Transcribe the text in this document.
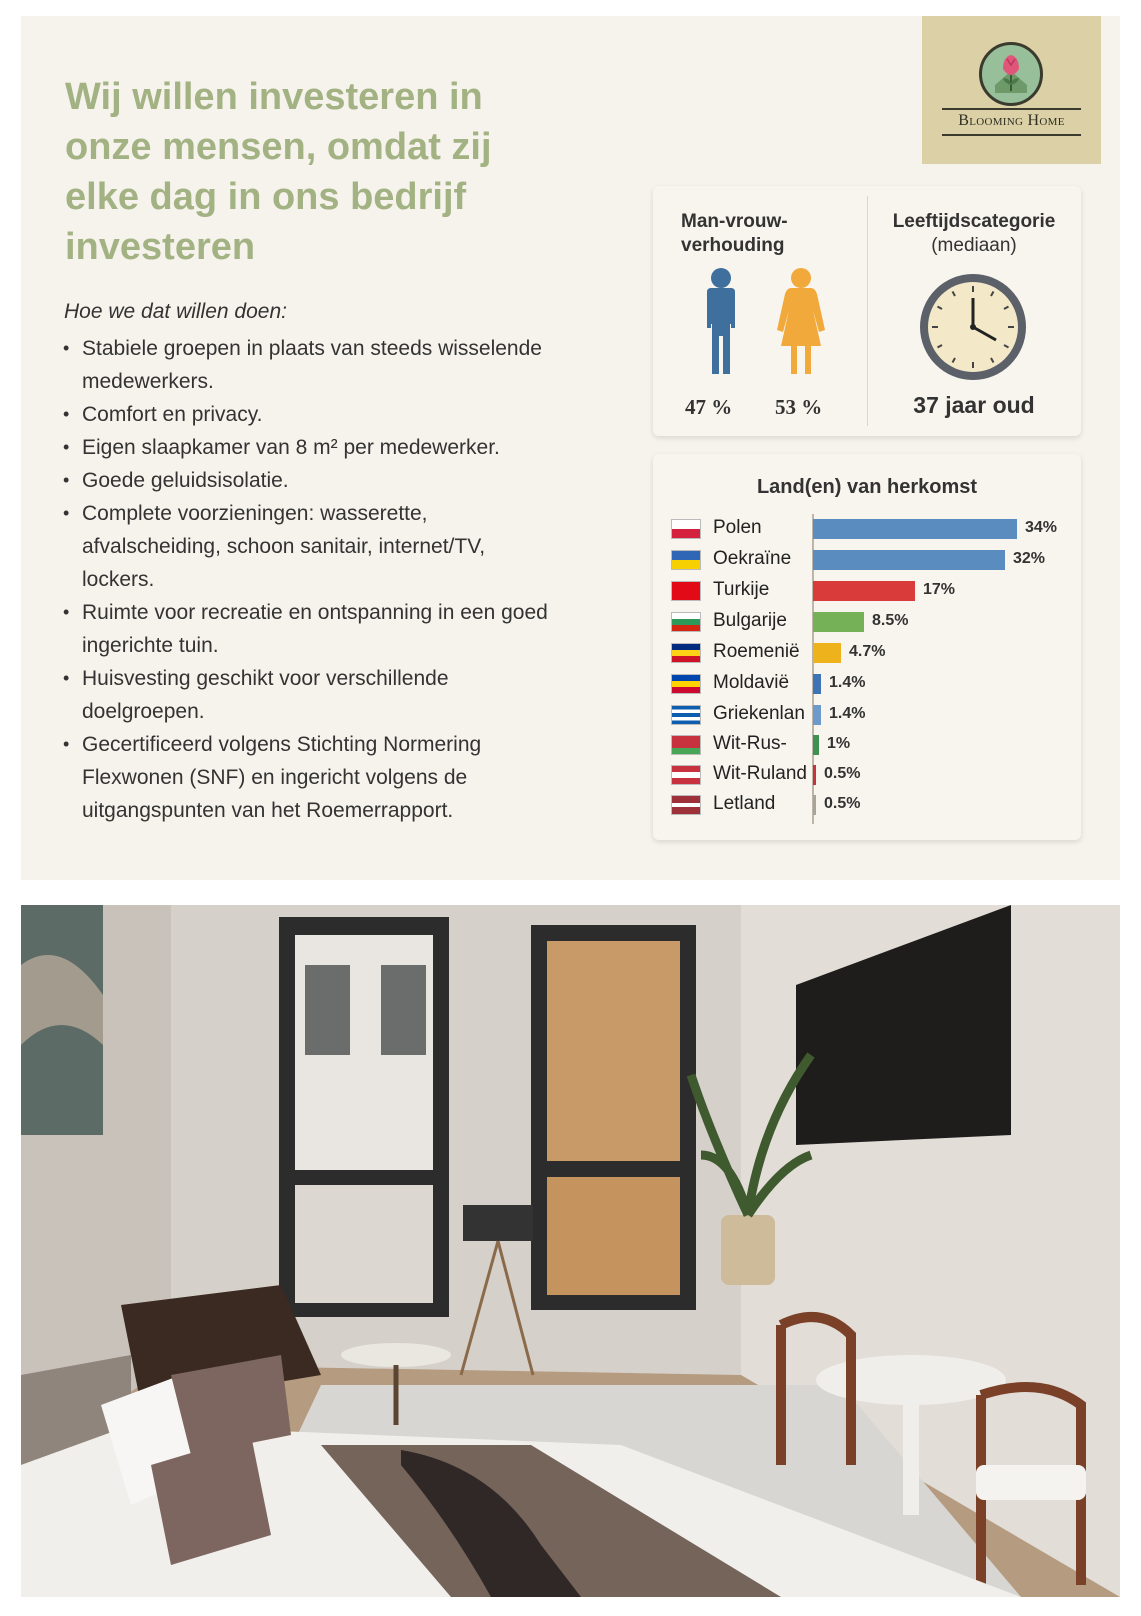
Blooming Home
Wij willen investeren in onze mensen, omdat zij elke dag in ons bedrijf investeren
Hoe we dat willen doen:
• Stabiele groepen in plaats van steeds wisselende medewerkers.
• Comfort en privacy.
• Eigen slaapkamer van 8 m² per medewerker.
• Goede geluidsisolatie.
• Complete voorzieningen: wasserette, afvalscheiding, schoon sanitair, internet/TV, lockers.
• Ruimte voor recreatie en ontspanning in een goed ingerichte tuin.
• Huisvesting geschikt voor verschillende doelgroepen.
• Gecertificeerd volgens Stichting Normering Flexwonen (SNF) en ingericht volgens de uitgangspunten van het Roemerrapport.
Man-vrouw-
verhouding
47 % 53 %
Leeftijdscategorie
(mediaan)
37 jaar oud
Land(en) van herkomst
Polen	34%
Oekraïne	32%
Turkije	17%
Bulgarije	8.5%
Roemenië	4.7%
Moldavië	1.4%
Griekenlan	1.4%
Wit-Rus-	1%
Wit-Ruland	0.5%
Letland	0.5%
